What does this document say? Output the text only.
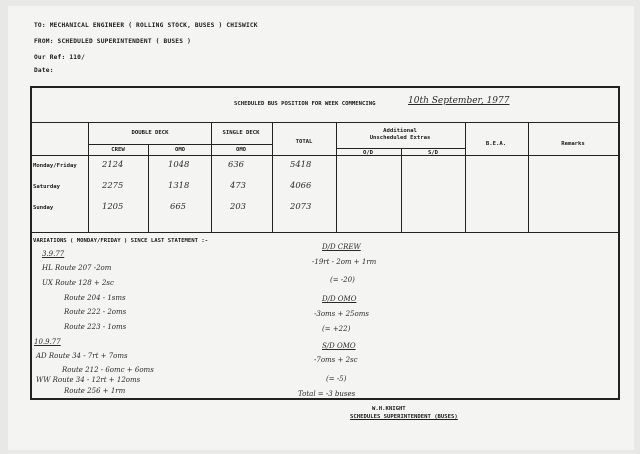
TO: MECHANICAL ENGINEER ( ROLLING STOCK, BUSES ) CHISWICK
FROM: SCHEDULED SUPERINTENDENT ( BUSES )
Our Ref: 110/
Date:
SCHEDULED BUS POSITION FOR WEEK COMMENCING	10th September, 1977
DOUBLE DECK	SINGLE DECK
TOTAL
Additional
Unscheduled Extras
B.E.A.	Remarks
CREW	OMO	OMO	O/D	S/D
Monday/Friday	2124	1048	636	5418
Saturday	2275	1318	473	4066
Sunday	1205	665	203	2073
VARIATIONS ( MONDAY/FRIDAY ) SINCE LAST STATEMENT :-
3.9.77
HL Route 207 -2om
UX Route 128 + 2sc
Route 204 - 1sms
Route 222 - 2oms
Route 223 - 1oms
10.9.77
AD Route 34 - 7rt + 7oms
Route 212 - 6omc + 6oms
WW Route 34 - 12rt + 12oms
Route 256 + 1rm
D/D CREW
-19rt - 2om + 1rm
(= -20)
D/D OMO
-3oms + 25oms
(= +22)
S/D OMO
-7oms + 2sc
(= -5)
Total = -3 buses
W.H.KNIGHT
SCHEDULES SUPERINTENDENT (BUSES)
